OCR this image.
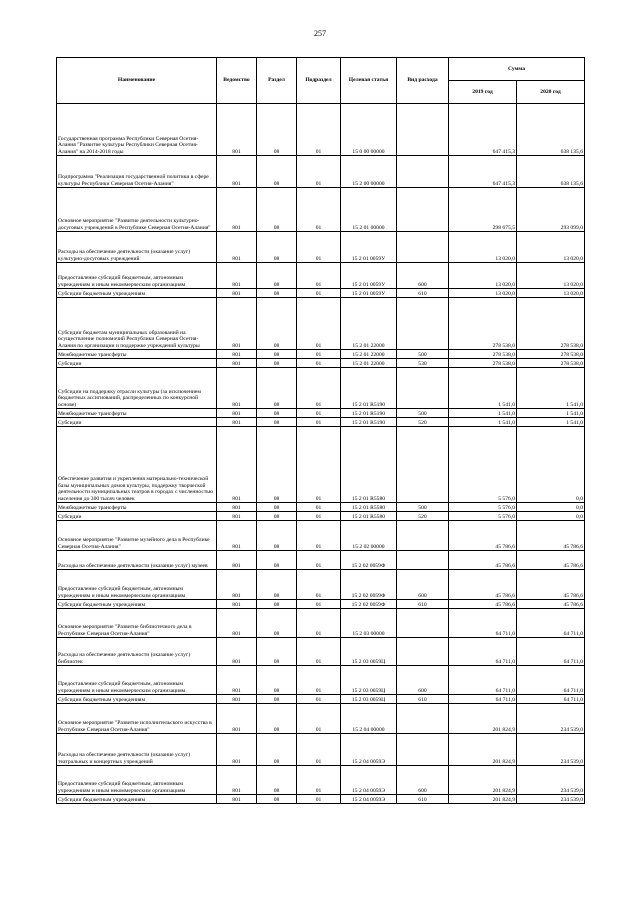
257
Наименование	Ведомство	Раздел	Подраздел	Целевая статья	Вид расхода	Сумма	
						2019 год	2020 год
Государственная программа Республики Северная Осетия-Алания "Развитие культуры Республики Северная Осетия-Алания" на 2014-2018 годы	801	08	01	15 0 00 00000		647 415,3	638 135,6
Подпрограмма "Реализация государственной политики в сфере культуры Республики Северная Осетия-Алания"	801	08	01	15 2 00 00000		647 415,3	638 135,6
Основное мероприятие "Развитие деятельности культурно-досуговых учреждений в Республике Северная Осетия-Алания"	801	08	01	15 2 01 00000		298 675,5	293 099,0
Расходы на обеспечение деятельности (оказание услуг) культурно-досуговых учреждений	801	08	01	15 2 01 0059У		13 020,0	13 020,0
Предоставление субсидий бюджетным, автономным учреждениям и иным некоммерческим организациям	801	08	01	15 2 01 0059У	600	13 020,0	13 020,0
Субсидии бюджетным учреждениям	801	08	01	15 2 01 0059У	610	13 020,0	13 020,0
Субсидии бюджетам муниципальных образований на осуществление полномочий Республики Северная Осетия-Алания по организации и поддержке учреждений культуры	801	08	01	15 2 01 22000		278 538,0	278 538,0
Межбюджетные трансферты	801	08	01	15 2 01 22000	500	278 538,0	278 538,0
Субсидии	801	08	01	15 2 01 22000	530	278 538,0	278 538,0
Субсидии на поддержку отрасли культуры (за исключением бюджетных ассигнований, распределенных по конкурсной основе)	801	08	01	15 2 01 R5190		1 541,0	1 541,0
Межбюджетные трансферты	801	08	01	15 2 01 R5190	500	1 541,0	1 541,0
Субсидии	801	08	01	15 2 01 R5190	520	1 541,0	1 541,0
Обеспечение развития и укрепления материально-технической базы муниципальных домов культуры, поддержку творческой деятельности муниципальных театров в городах с численностью населения до 300 тысяч человек	801	08	01	15 2 01 R5580		5 576,0	0,0
Межбюджетные трансферты	801	08	01	15 2 01 R5580	500	5 576,0	0,0
Субсидии	801	08	01	15 2 01 R5580	520	5 576,0	0,0
Основное мероприятие "Развитие музейного дела в Республике Северная Осетия-Алания"	801	08	01	15 2 02 00000		45 786,6	45 786,6
Расходы на обеспечение деятельности (оказание услуг) музеев	801	08	01	15 2 02 0059Ф		45 786,6	45 786,6
Предоставление субсидий бюджетным, автономным учреждениям и иным некоммерческим организациям	801	08	01	15 2 02 0059Ф	600	45 786,6	45 786,6
Субсидии бюджетным учреждениям	801	08	01	15 2 02 0059Ф	610	45 786,6	45 786,6
Основное мероприятие "Развитие библиотечного дела в Республике Северная Осетия-Алания"	801	08	01	15 2 03 00000		64 711,0	64 711,0
Расходы на обеспечение деятельности (оказание услуг) библиотек	801	08	01	15 2 03 0059Ц		64 711,0	64 711,0
Предоставление субсидий бюджетным, автономным учреждениям и иным некоммерческим организациям	801	08	01	15 2 03 0059Ц	600	64 711,0	64 711,0
Субсидии бюджетным учреждениям	801	08	01	15 2 03 0059Ц	610	64 711,0	64 711,0
Основное мероприятие "Развитие исполнительского искусства в Республике Северная Осетия-Алания"	801	08	01	15 2 04 00000		201 824,9	234 539,0
Расходы на обеспечение деятельности (оказание услуг) театральных и концертных учреждений	801	08	01	15 2 04 0059Э		201 824,9	234 539,0
Предоставление субсидий бюджетным, автономным учреждениям и иным некоммерческим организациям	801	08	01	15 2 04 0059Э	600	201 824,9	234 539,0
Субсидии бюджетным учреждениям	801	08	01	15 2 04 0059Э	610	201 824,9	234 539,0
